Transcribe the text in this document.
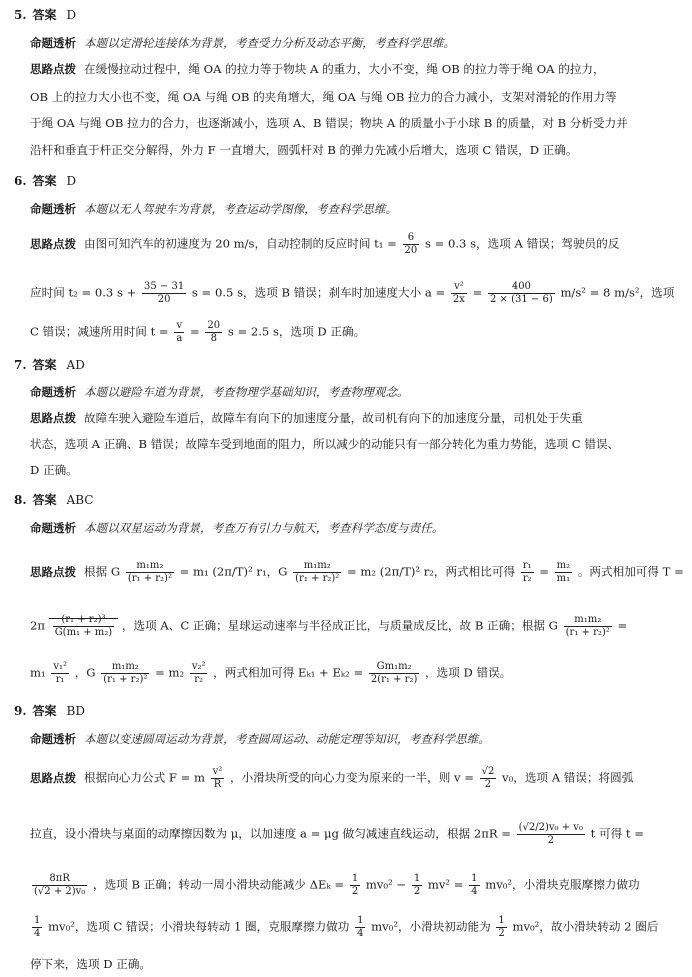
5. 答案 D
命题透析 本题以定滑轮连接体为背景，考查受力分析及动态平衡，考查科学思维。
思路点拨 在缓慢拉动过程中，绳 OA 的拉力等于物块 A 的重力，大小不变，绳 OB 的拉力等于绳 OA 的拉力，
OB 上的拉力大小也不变，绳 OA 与绳 OB 的夹角增大，绳 OA 与绳 OB 拉力的合力减小，支架对滑轮的作用力等
于绳 OA 与绳 OB 拉力的合力，也逐渐减小，选项 A、B 错误；物块 A 的质量小于小球 B 的质量，对 B 分析受力并
沿杆和垂直于杆正交分解得，外力 F 一直增大，圆弧杆对 B 的弹力先减小后增大，选项 C 错误，D 正确。
6. 答案 D
命题透析 本题以无人驾驶车为背景，考查运动学图像，考查科学思维。
思路点拨 由图可知汽车的初速度为 20 m/s，自动控制的反应时间 $t_1 = \frac{6}{20}$ s = 0.3 s，选项 A 错误；驾驶员的反
应时间 t₂ = 0.3 $s + \frac{35 - 31}{20}$ s = 0.5 s，选项 B 错误；刹车时加速度大小 $a = \frac{\text{v²}}{2x} = \frac{400}{2 \times (31 - 6)} m/s^2 = 8$ m/s²，选项
C 错误；减速所用时间 $t = \frac{v}{a} = \frac{20}{8}$ s = 2.5 s，选项 D 正确。
7. 答案 AD
命题透析 本题以避险车道为背景，考查物理学基础知识，考查物理观念。
思路点拨 故障车驶入避险车道后，故障车有向下的加速度分量，故司机有向下的加速度分量，司机处于失重
状态，选项 A 正确、B 错误；故障车受到地面的阻力，所以减少的动能只有一部分转化为重力势能，选项 C 错误、
D 正确。
8. 答案 ABC
命题透析 本题以双星运动为背景，考查万有引力与航天，考查科学态度与责任。
思路点拨 根据 G $\frac{\text{m₁m₂}}{\text{(r₁ + r₂)²}} = m_1$ (2π/T)² r₁，G $\frac{\text{m₁m₂}}{\text{(r₁ + r₂)²}} = m_2$ (2π/T)² r₂，两式相比可得 $\frac{\text{r₁}}{\text{r₂}} = \frac{\text{m₂}}{\text{m₁}}$ 。两式相加可得 T =
$2\pi \frac{\text{(r₁ + r₂)³}}{\text{G(m₁ + m₂)}}$ ，选项 A、C 正确；星球运动速率与半径成正比，与质量成反比，故 B 正确；根据 G $\frac{\text{m₁m₂}}{\text{(r₁ + r₂)²}}$ =
$m_1 \frac{\text{v₁²}}{\text{r₁}}$ ，G $\frac{\text{m₁m₂}}{\text{(r₁ + r₂)²}} = m_2 \frac{\text{v₂²}}{\text{r₂}}$ ，两式相加可得 $E_{k1} + E_{k2} = \frac{\text{Gm₁m₂}}{\text{2(r₁ + r₂)}}$ ，选项 D 错误。
9. 答案 BD
命题透析 本题以变速圆周运动为背景，考查圆周运动、动能定理等知识，考查科学思维。
思路点拨 根据向心力公式 F = m $\frac{\text{v²}}{R}$ ，小滑块所受的向心力变为原来的一半，则 $v = \frac{√2}{2} v_0$，选项 A 错误；将圆弧
拉直，设小滑块与桌面的动摩擦因数为 μ，以加速度 a = μg 做匀减速直线运动，根据 $2\pi R = \frac{\text{(√2/2)v₀ + v₀}}{2}$ t 可得 t =
$\frac{8\pi R}{\text{(√2 + 2)v₀}}$ ，选项 B 正确；转动一周小滑块动能减少 $\Delta E_k = \frac{1}{2} mv_0^2 - \frac{1}{2} mv^2 = \frac{1}{4} mv_0^2$，小滑块克服摩擦力做功
$\frac{1}{4} mv_0^2$，选项 C 错误；小滑块每转动 1 圈，克服摩擦力做功 $\frac{1}{4} mv_0^2$，小滑块初动能为 $\frac{1}{2} mv_0^2$，故小滑块转动 2 圈后
停下来，选项 D 正确。
